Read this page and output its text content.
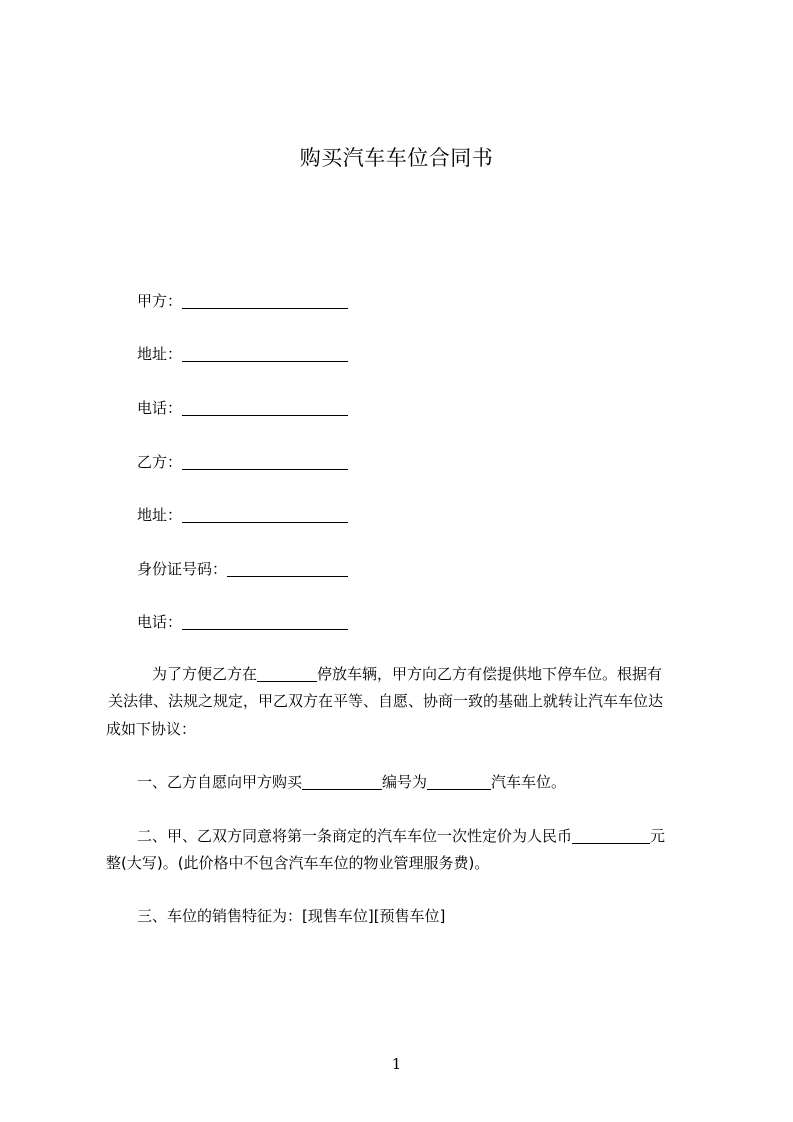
购买汽车车位合同书
甲方：
地址：
电话：
乙方：
地址：
身份证号码：
电话：
为了方便乙方在	停放车辆，甲方向乙方有偿提供地下停车位。根据有
关法律、法规之规定，甲乙双方在平等、自愿、协商一致的基础上就转让汽车车位达
成如下协议：
一、乙方自愿向甲方购买	编号为	汽车车位。
二、甲、乙双方同意将第一条商定的汽车车位一次性定价为人民币	元
整(大写)。(此价格中不包含汽车车位的物业管理服务费)。
三、车位的销售特征为：[现售车位][预售车位]
1
